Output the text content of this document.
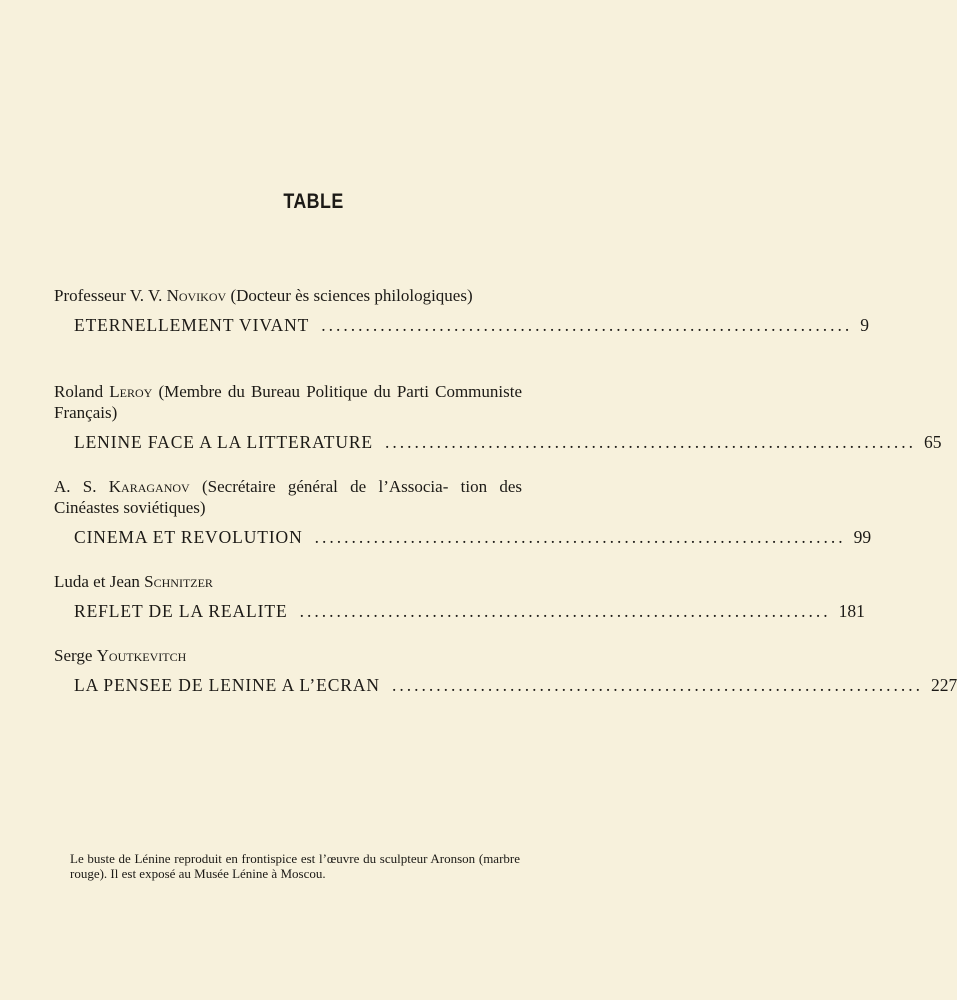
TABLE
Professeur V. V. Novikov (Docteur ès sciences philologiques)
ETERNELLEMENT VIVANT ........................................................................ 9
Roland Leroy (Membre du Bureau Politique du Parti Communiste Français)
LENINE FACE A LA LITTERATURE ........................................................................ 65
A. S. Karaganov (Secrétaire général de l’Associa- tion des Cinéastes soviétiques)
CINEMA ET REVOLUTION ........................................................................ 99
Luda et Jean Schnitzer
REFLET DE LA REALITE ........................................................................ 181
Serge Youtkevitch
LA PENSEE DE LENINE A L’ECRAN ........................................................................ 227
Le buste de Lénine reproduit en frontispice est l’œuvre du sculpteur Aronson (marbre rouge). Il est exposé au Musée Lénine à Moscou.
